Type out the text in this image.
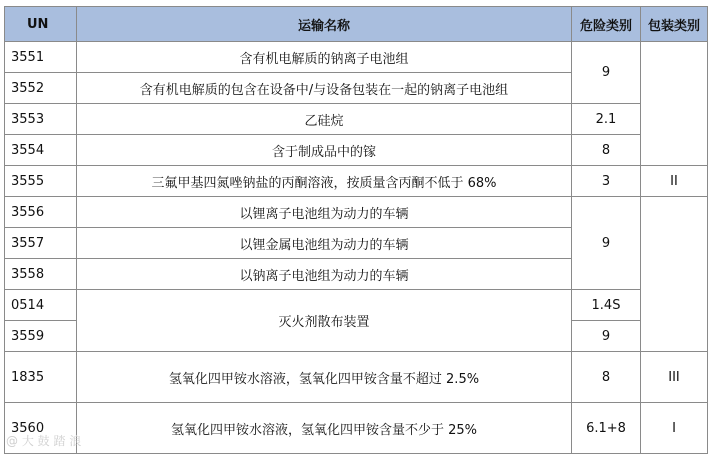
UN	运输名称	危险类别	包装类别
3551	含有机电解质的钠离子电池组	9	
3552	含有机电解质的包含在设备中/与设备包装在一起的钠离子电池组		
3553	乙硅烷	2.1	
3554	含于制成品中的镓	8	
3555	三氟甲基四氮唑钠盐的丙酮溶液，按质量含丙酮不低于 68%	3	II
3556	以锂离子电池组为动力的车辆	9	
3557	以锂金属电池组为动力的车辆		
3558	以钠离子电池组为动力的车辆		
0514	灭火剂散布装置	1.4S	
3559		9	
1835	氢氧化四甲铵水溶液，氢氧化四甲铵含量不超过 2.5%	8	III
3560	氢氧化四甲铵水溶液，氢氧化四甲铵含量不少于 25%	6.1+8	I
@ 大 鼓 踏 浪
